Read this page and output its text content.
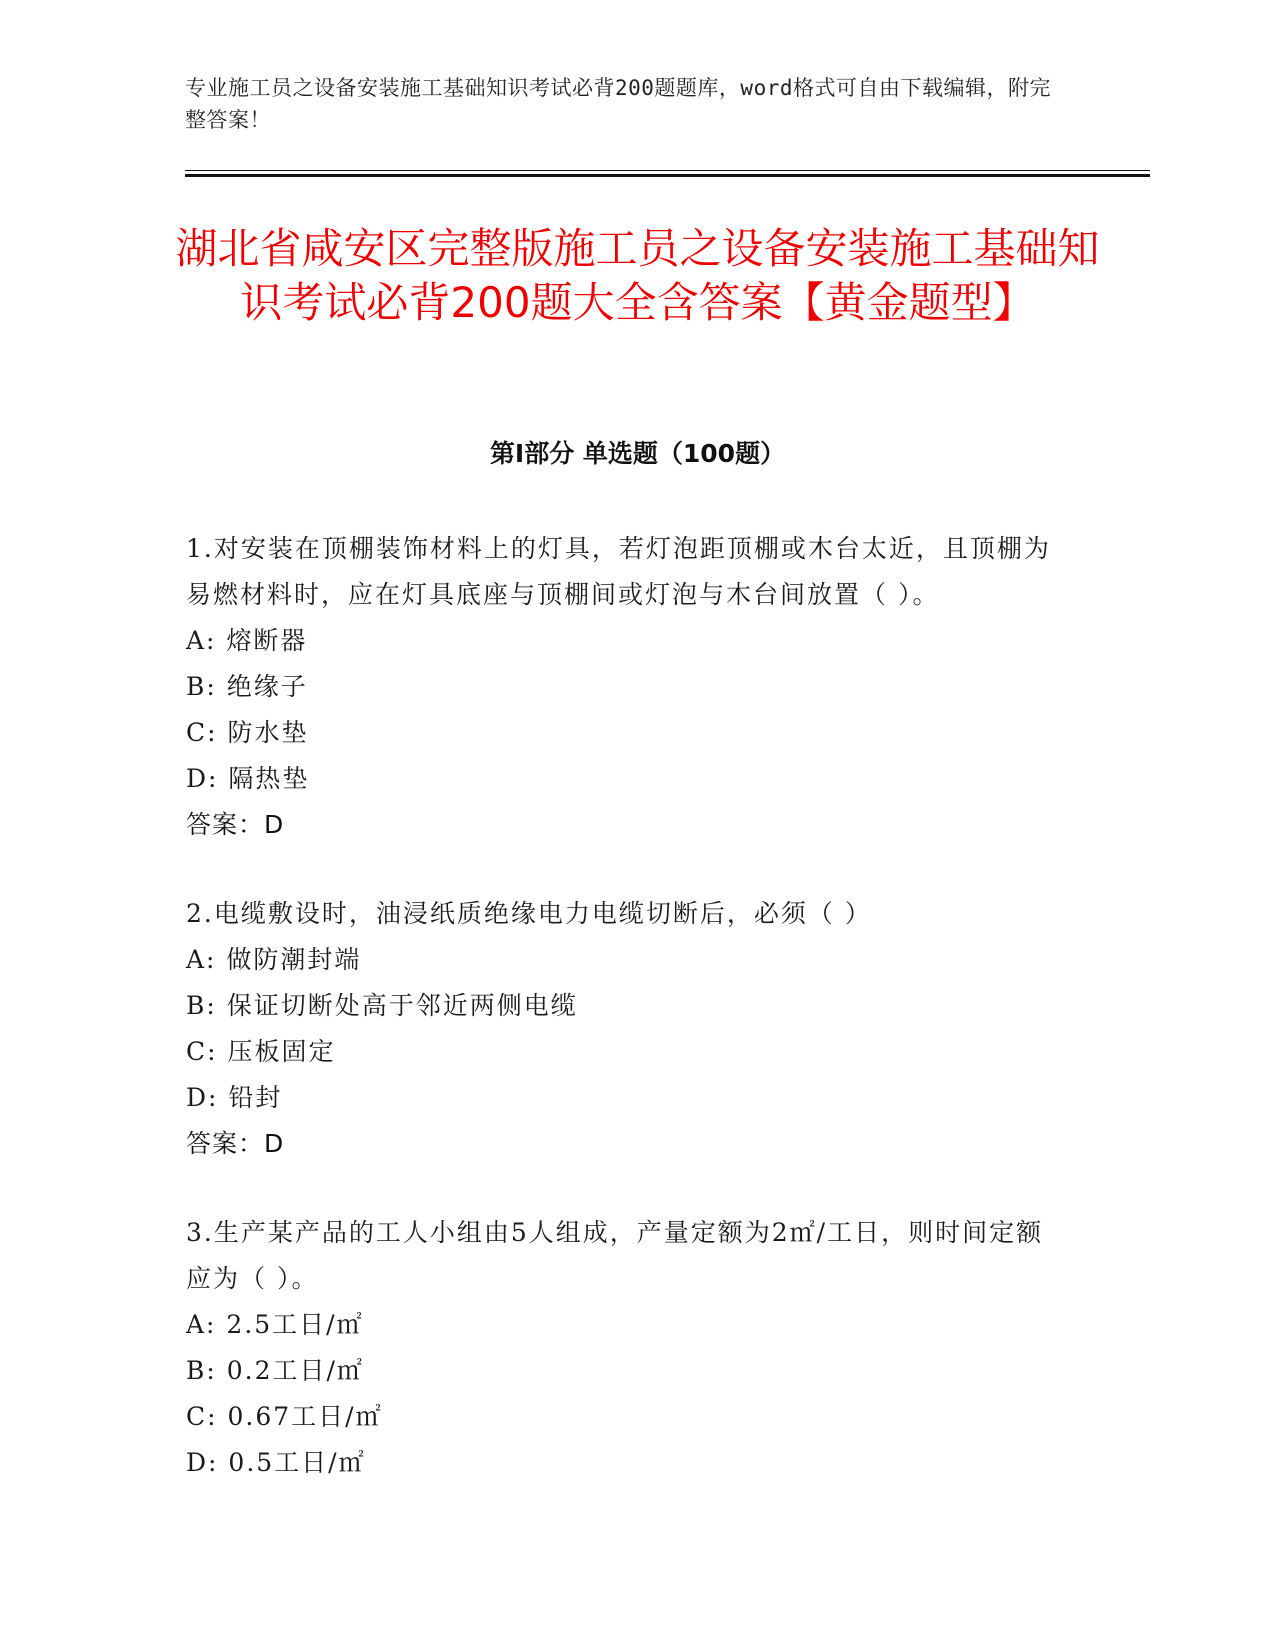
专业施工员之设备安装施工基础知识考试必背200题题库，word格式可自由下载编辑，附完整答案！
湖北省咸安区完整版施工员之设备安装施工基础知识考试必背200题大全含答案【黄金题型】
第I部分 单选题（100题）
1.对安装在顶棚装饰材料上的灯具，若灯泡距顶棚或木台太近，且顶棚为易燃材料时，应在灯具底座与顶棚间或灯泡与木台间放置（ ）。
A: 熔断器
B: 绝缘子
C: 防水垫
D: 隔热垫
答案：D
2.电缆敷设时，油浸纸质绝缘电力电缆切断后，必须（ ）
A: 做防潮封端
B: 保证切断处高于邻近两侧电缆
C: 压板固定
D: 铅封
答案：D
3.生产某产品的工人小组由5人组成，产量定额为2㎡/工日，则时间定额应为（ ）。
A: 2.5工日/㎡
B: 0.2工日/㎡
C: 0.67工日/㎡
D: 0.5工日/㎡
